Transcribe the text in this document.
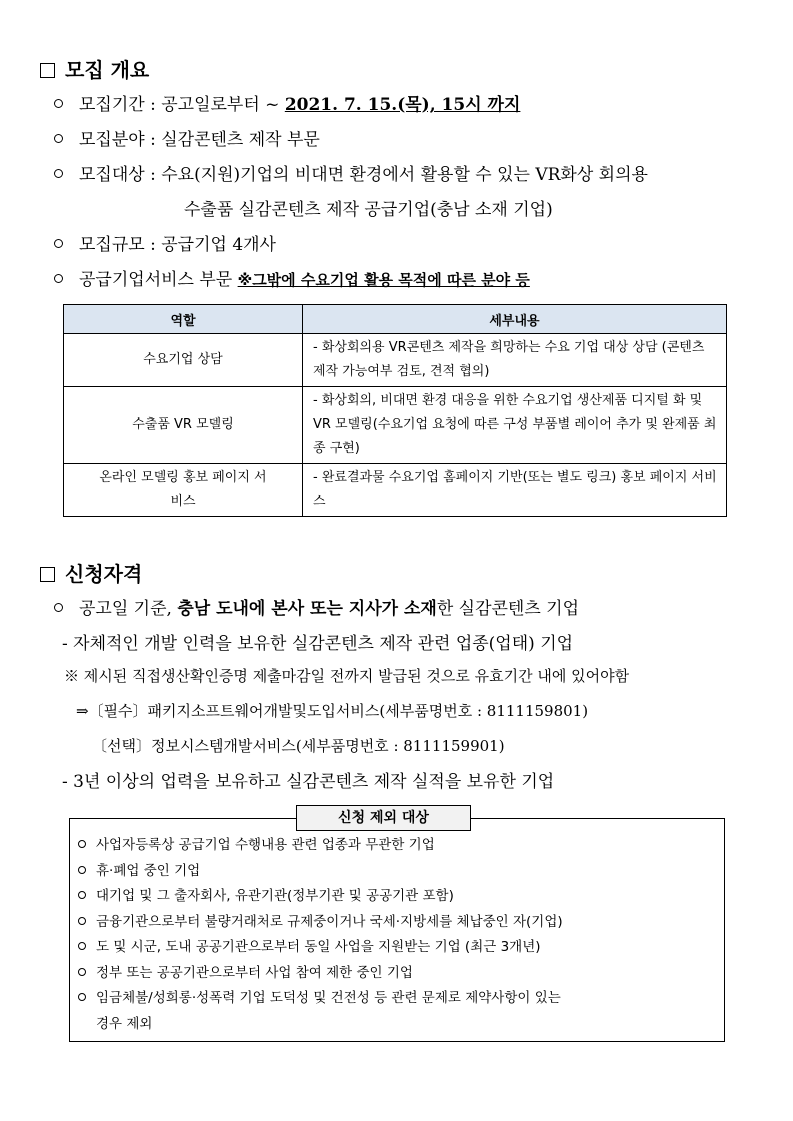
모집 개요
모집기간 : 공고일로부터 ~ 2021. 7. 15.(목), 15시 까지
모집분야 : 실감콘텐츠 제작 부문
모집대상 : 수요(지원)기업의 비대면 환경에서 활용할 수 있는 VR화상 회의용
수출품 실감콘텐츠 제작 공급기업(충남 소재 기업)
모집규모 : 공급기업 4개사
공급기업서비스 부문 ※그밖에 수요기업 활용 목적에 따른 분야 등
역할	세부내용
수요기업 상담	- 화상회의용 VR콘텐츠 제작을 희망하는 수요 기업 대상 상담 (콘텐츠 제작 가능여부 검토, 견적 협의)
수출품 VR 모델링	- 화상회의, 비대면 환경 대응을 위한 수요기업 생산제품 디지털 화 및 VR 모델링(수요기업 요청에 따른 구성 부품별 레이어 추가 및 완제품 최종 구현)
온라인 모델링 홍보 페이지 서비스	- 완료결과물 수요기업 홈페이지 기반(또는 별도 링크) 홍보 페이지 서비스
신청자격
공고일 기준, 충남 도내에 본사 또는 지사가 소재한 실감콘텐츠 기업
- 자체적인 개발 인력을 보유한 실감콘텐츠 제작 관련 업종(업태) 기업
※ 제시된 직접생산확인증명 제출마감일 전까지 발급된 것으로 유효기간 내에 있어야함
⇒〔필수〕패키지소프트웨어개발및도입서비스(세부품명번호 : 8111159801)
〔선택〕정보시스템개발서비스(세부품명번호 : 8111159901)
- 3년 이상의 업력을 보유하고 실감콘텐츠 제작 실적을 보유한 기업
사업자등록상 공급기업 수행내용 관련 업종과 무관한 기업
휴·폐업 중인 기업
대기업 및 그 출자회사, 유관기관(정부기관 및 공공기관 포함)
금융기관으로부터 불량거래처로 규제중이거나 국세·지방세를 체납중인 자(기업)
도 및 시군, 도내 공공기관으로부터 동일 사업을 지원받는 기업 (최근 3개년)
정부 또는 공공기관으로부터 사업 참여 제한 중인 기업
임금체불/성희롱·성폭력 기업 도덕성 및 건전성 등 관련 문제로 제약사항이 있는
경우 제외
신청 제외 대상
